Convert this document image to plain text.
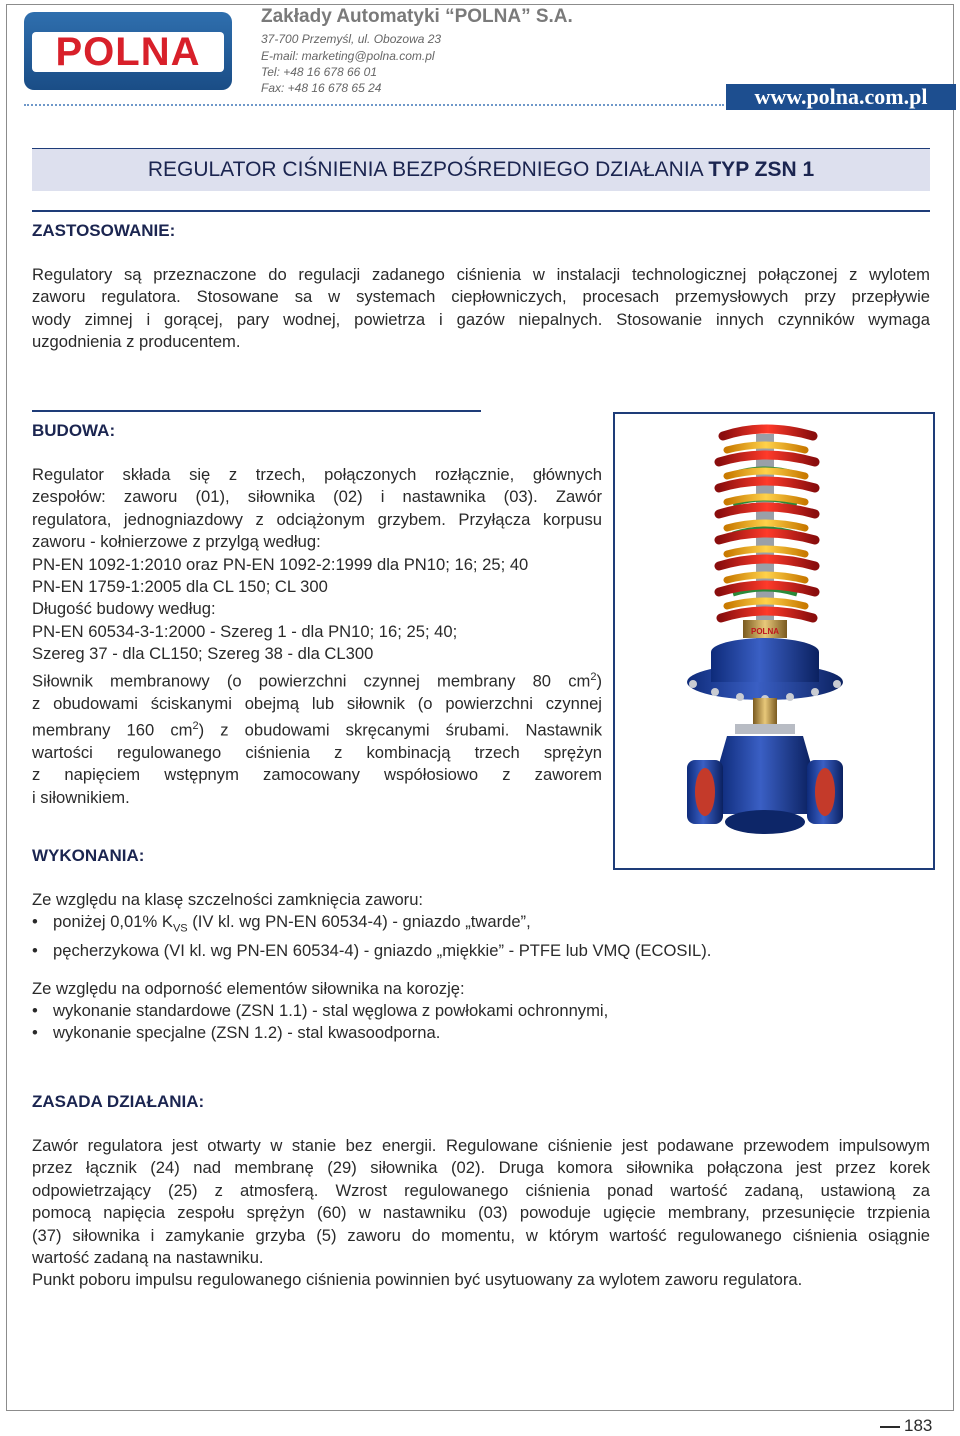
POLNA
Zakłady Automatyki “POLNA” S.A.
37-700 Przemyśl, ul. Obozowa 23
E-mail: marketing@polna.com.pl
Tel: +48 16 678 66 01
Fax: +48 16 678 65 24	www.polna.com.pl
REGULATOR CIŚNIENIA BEZPOŚREDNIEGO DZIAŁANIA TYP ZSN 1
ZASTOSOWANIE:
Regulatory są przeznaczone do regulacji zadanego ciśnienia w instalacji technologicznej połączonej z wylotem
zaworu regulatora. Stosowane sa w systemach ciepłowniczych, procesach przemysłowych przy przepływie
wody zimnej i gorącej, pary wodnej, powietrza i gazów niepalnych. Stosowanie innych czynników wymaga
uzgodnienia z producentem.
BUDOWA:
Regulator składa się z trzech, połączonych rozłącznie, głównych
zespołów: zaworu (01), siłownika (02) i nastawnika (03). Zawór
regulatora, jednogniazdowy z odciążonym grzybem. Przyłącza korpusu
zaworu - kołnierzowe z przylgą według:
PN-EN 1092-1:2010 oraz PN-EN 1092-2:1999 dla PN10; 16; 25; 40
PN-EN 1759-1:2005 dla CL 150; CL 300
Długość budowy według:
PN-EN 60534-3-1:2000 - Szereg 1 - dla PN10; 16; 25; 40;
Szereg 37 - dla CL150; Szereg 38 - dla CL300
Siłownik membranowy (o powierzchni czynnej membrany 80 $cm^2$)
z obudowami ściskanymi obejmą lub siłownik (o powierzchni czynnej
membrany 160 $cm^2$) z obudowami skręcanymi śrubami. Nastawnik
wartości regulowanego ciśnienia z kombinacją trzech sprężyn
z napięciem wstępnym zamocowany współosiowo z zaworem
i siłownikiem.
POLNA
WYKONANIA:
Ze względu na klasę szczelności zamknięcia zaworu:
• poniżej 0,01% $K_{VS}$ (IV kl. wg PN-EN 60534-4) - gniazdo „twarde”,
• pęcherzykowa (VI kl. wg PN-EN 60534-4) - gniazdo „miękkie” - PTFE lub VMQ (ECOSIL).
Ze względu na odporność elementów siłownika na korozję:
• wykonanie standardowe (ZSN 1.1) - stal węglowa z powłokami ochronnymi,
• wykonanie specjalne (ZSN 1.2) - stal kwasoodporna.
ZASADA DZIAŁANIA:
Zawór regulatora jest otwarty w stanie bez energii. Regulowane ciśnienie jest podawane przewodem impulsowym
przez łącznik (24) nad membranę (29) siłownika (02). Druga komora siłownika połączona jest przez korek
odpowietrzający (25) z atmosferą. Wzrost regulowanego ciśnienia ponad wartość zadaną, ustawioną za
pomocą napięcia zespołu sprężyn (60) w nastawniku (03) powoduje ugięcie membrany, przesunięcie trzpienia
(37) siłownika i zamykanie grzyba (5) zaworu do momentu, w którym wartość regulowanego ciśnienia osiągnie
wartość zadaną na nastawniku.
Punkt poboru impulsu regulowanego ciśnienia powinnien być usytuowany za wylotem zaworu regulatora.
183
